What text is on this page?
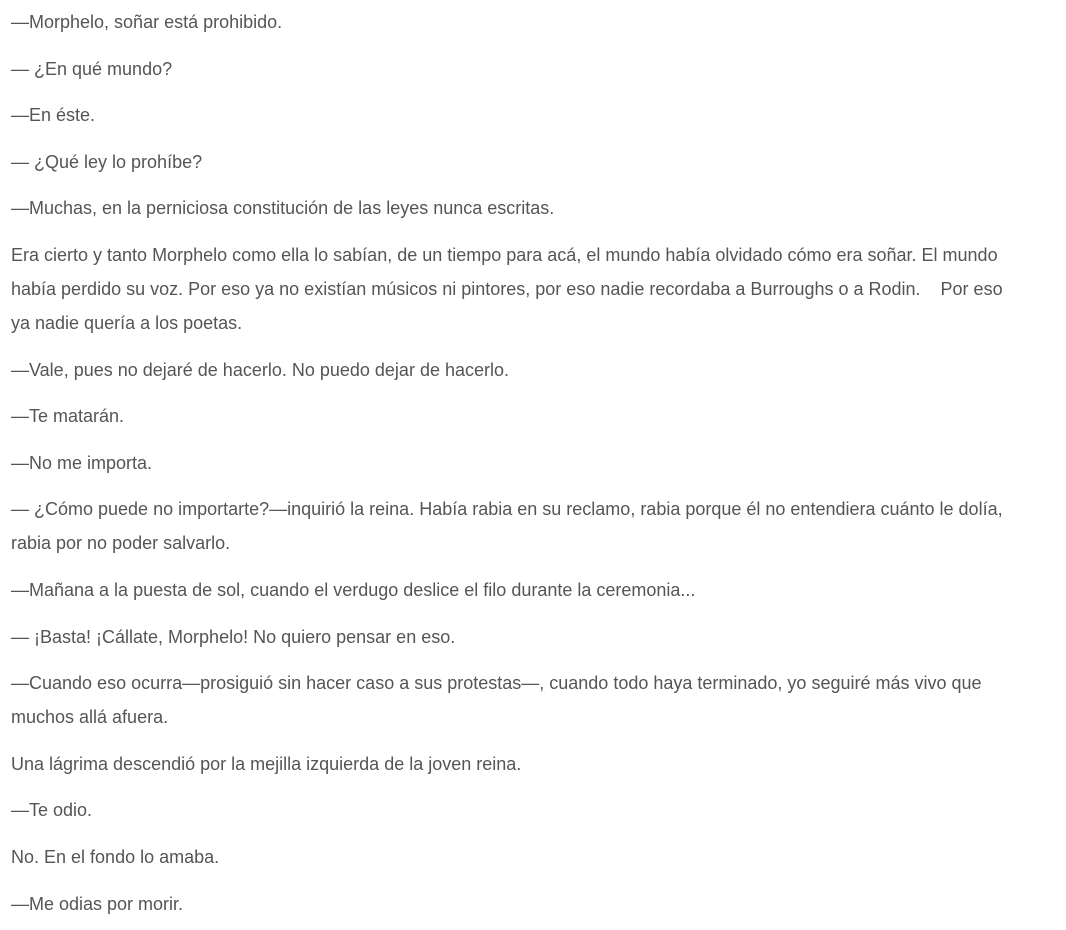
—Morphelo, soñar está prohibido.

— ¿En qué mundo?

—En éste.

— ¿Qué ley lo prohíbe?

—Muchas, en la perniciosa constitución de las leyes nunca escritas.

Era cierto y tanto Morphelo como ella lo sabían, de un tiempo para acá, el mundo había olvidado cómo era soñar. El mundo había perdido su voz. Por eso ya no existían músicos ni pintores, por eso nadie recordaba a Burroughs o a Rodin.    Por eso ya nadie quería a los poetas.

—Vale, pues no dejaré de hacerlo. No puedo dejar de hacerlo.

—Te matarán.

—No me importa.

— ¿Cómo puede no importarte?—inquirió la reina. Había rabia en su reclamo, rabia porque él no entendiera cuánto le dolía, rabia por no poder salvarlo.

—Mañana a la puesta de sol, cuando el verdugo deslice el filo durante la ceremonia...

— ¡Basta! ¡Cállate, Morphelo! No quiero pensar en eso.

—Cuando eso ocurra—prosiguió sin hacer caso a sus protestas—, cuando todo haya terminado, yo seguiré más vivo que muchos allá afuera.

Una lágrima descendió por la mejilla izquierda de la joven reina.

—Te odio.

No. En el fondo lo amaba.

—Me odias por morir.
